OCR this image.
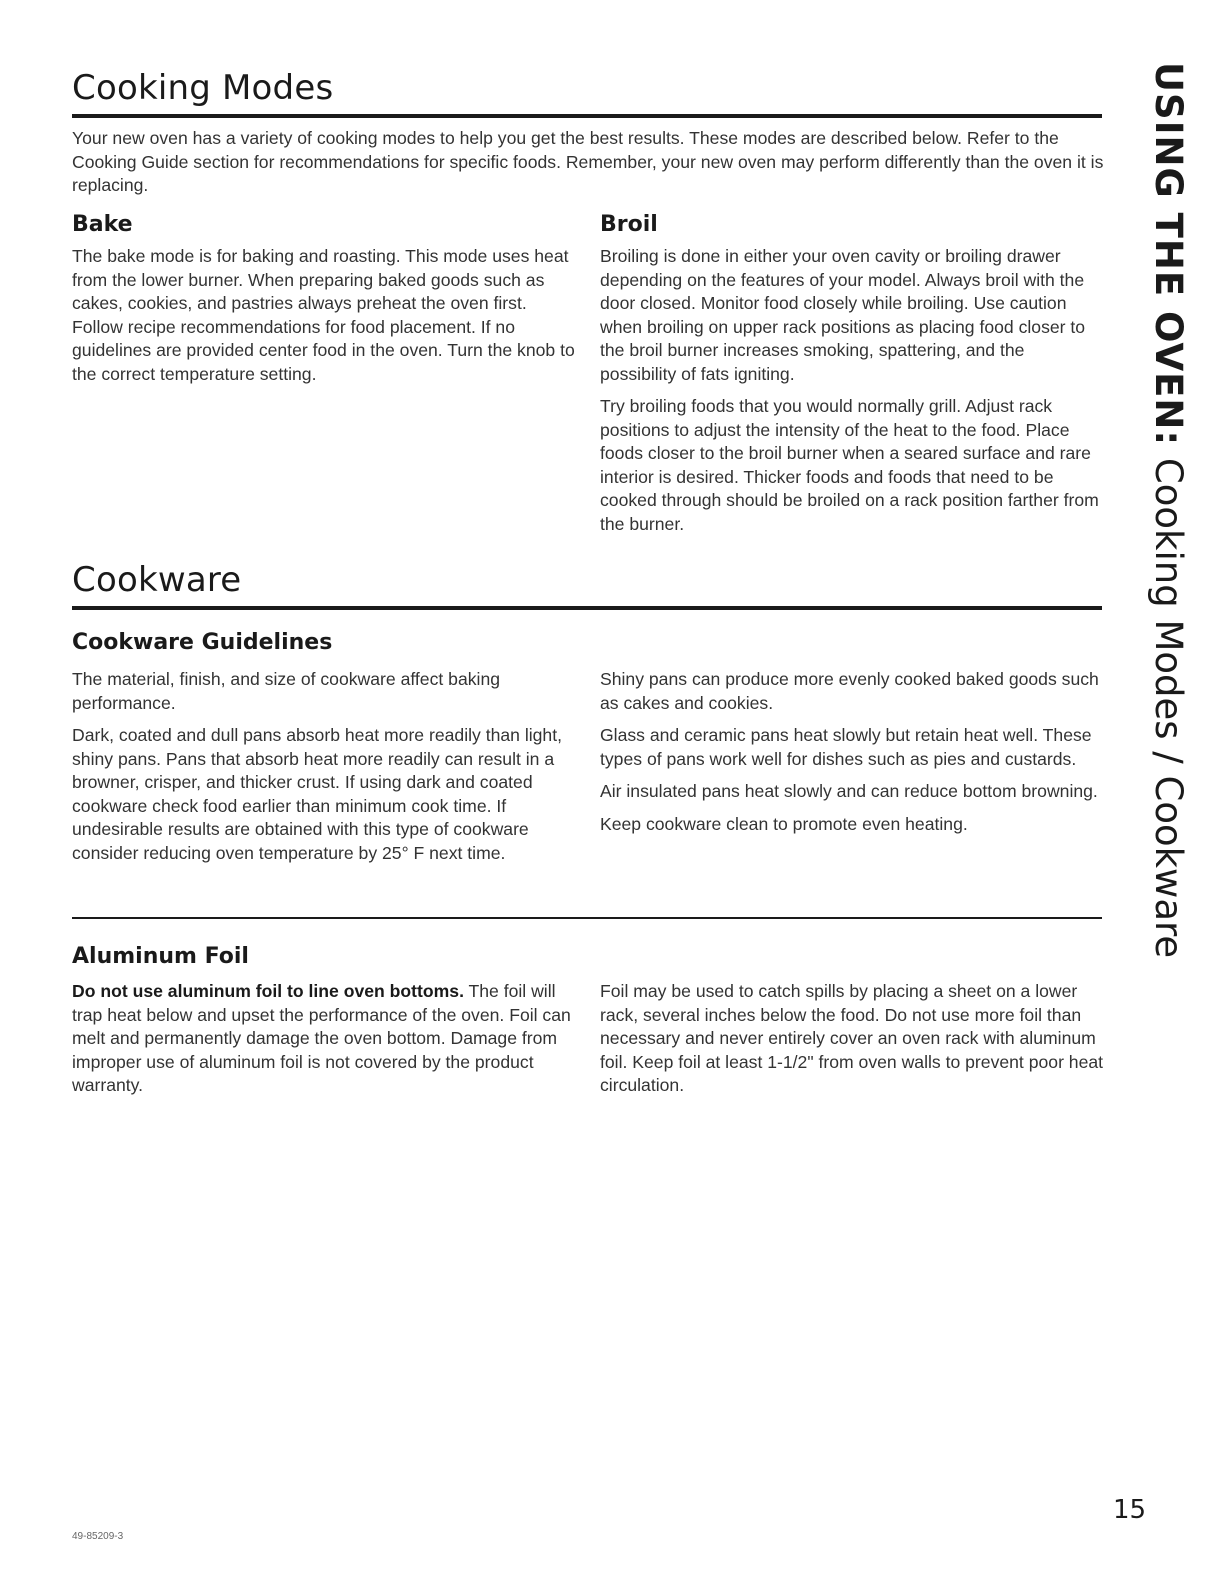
Cooking Modes

Your new oven has a variety of cooking modes to help you get the best results. These modes are described below. Refer to the Cooking Guide section for recommendations for specific foods. Remember, your new oven may perform differently than the oven it is replacing.

Bake

The bake mode is for baking and roasting. This mode uses heat from the lower burner. When preparing baked goods such as cakes, cookies, and pastries always preheat the oven first. Follow recipe recommendations for food placement. If no guidelines are provided center food in the oven. Turn the knob to the correct temperature setting.

Broil

Broiling is done in either your oven cavity or broiling drawer depending on the features of your model. Always broil with the door closed. Monitor food closely while broiling. Use caution when broiling on upper rack positions as placing food closer to the broil burner increases smoking, spattering, and the possibility of fats igniting.

Try broiling foods that you would normally grill. Adjust rack positions to adjust the intensity of the heat to the food. Place foods closer to the broil burner when a seared surface and rare interior is desired. Thicker foods and foods that need to be cooked through should be broiled on a rack position farther from the burner.

Cookware
Cookware Guidelines

The material, finish, and size of cookware affect baking performance.

Dark, coated and dull pans absorb heat more readily than light, shiny pans. Pans that absorb heat more readily can result in a browner, crisper, and thicker crust. If using dark and coated cookware check food earlier than minimum cook time. If undesirable results are obtained with this type of cookware consider reducing oven temperature by 25° F next time.

Shiny pans can produce more evenly cooked baked goods such as cakes and cookies.

Glass and ceramic pans heat slowly but retain heat well. These types of pans work well for dishes such as pies and custards.

Air insulated pans heat slowly and can reduce bottom browning.

Keep cookware clean to promote even heating.

Aluminum Foil

Do not use aluminum foil to line oven bottoms. The foil will trap heat below and upset the performance of the oven. Foil can melt and permanently damage the oven bottom. Damage from improper use of aluminum foil is not covered by the product warranty.

Foil may be used to catch spills by placing a sheet on a lower rack, several inches below the food. Do not use more foil than necessary and never entirely cover an oven rack with aluminum foil. Keep foil at least 1-1/2" from oven walls to prevent poor heat circulation.

USING THE OVEN: Cooking Modes / Cookware
49-85209-3
15
